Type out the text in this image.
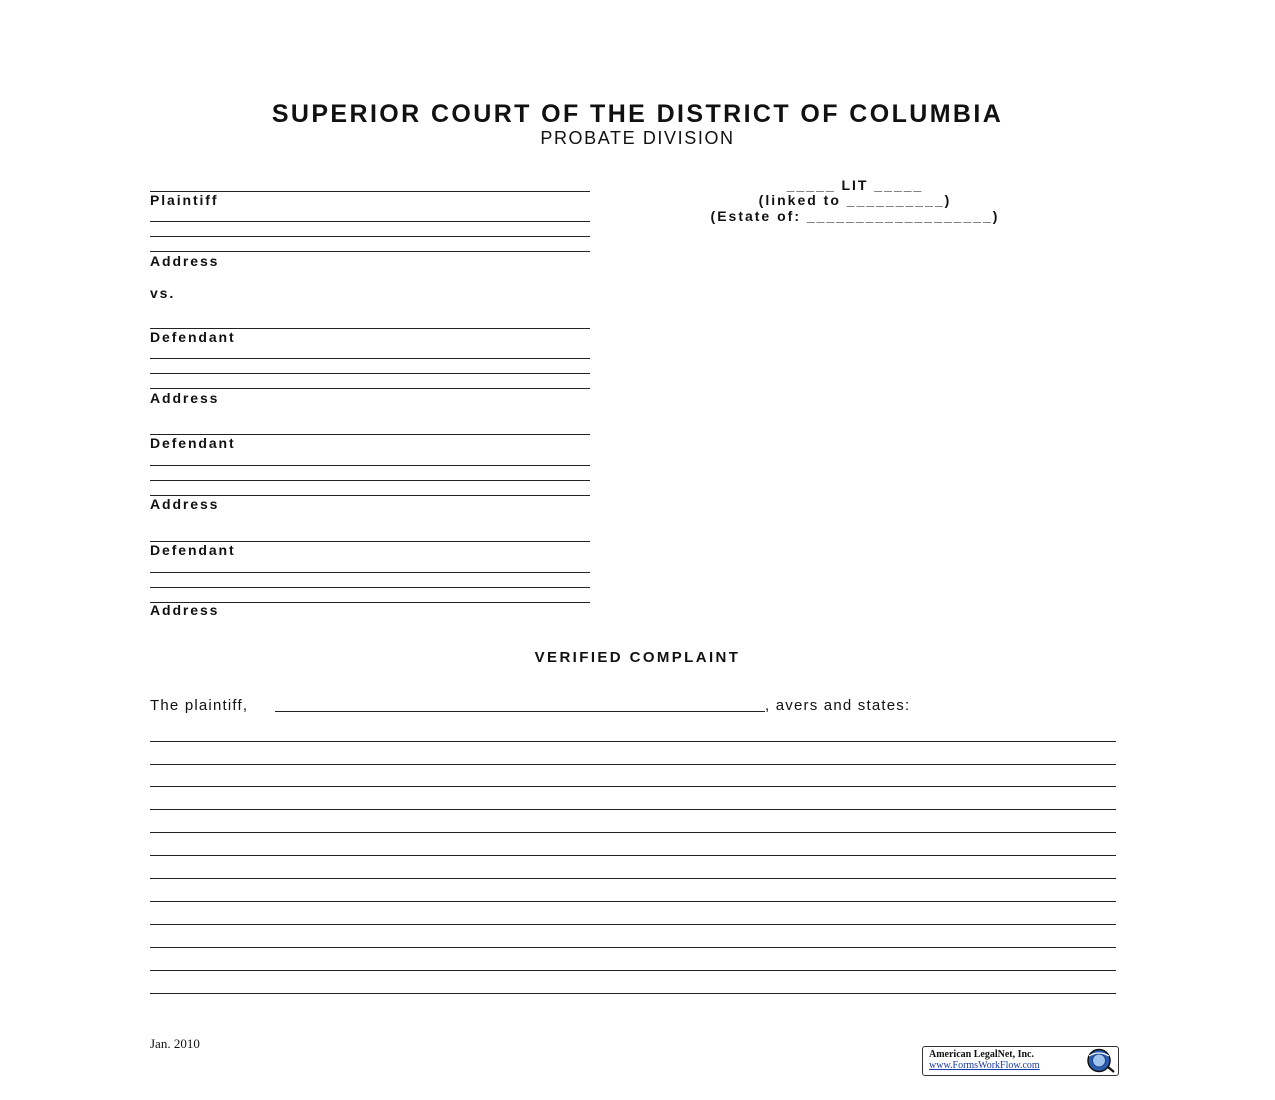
SUPERIOR COURT OF THE DISTRICT OF COLUMBIA
PROBATE DIVISION
_____ LIT _____
(linked to __________)
(Estate of: ___________________)
Plaintiff
Address
vs.
Defendant
Address
Defendant
Address
Defendant
Address
VERIFIED COMPLAINT
The plaintiff,	, avers and states:
Jan. 2010
American LegalNet, Inc.
www.FormsWorkFlow.com
